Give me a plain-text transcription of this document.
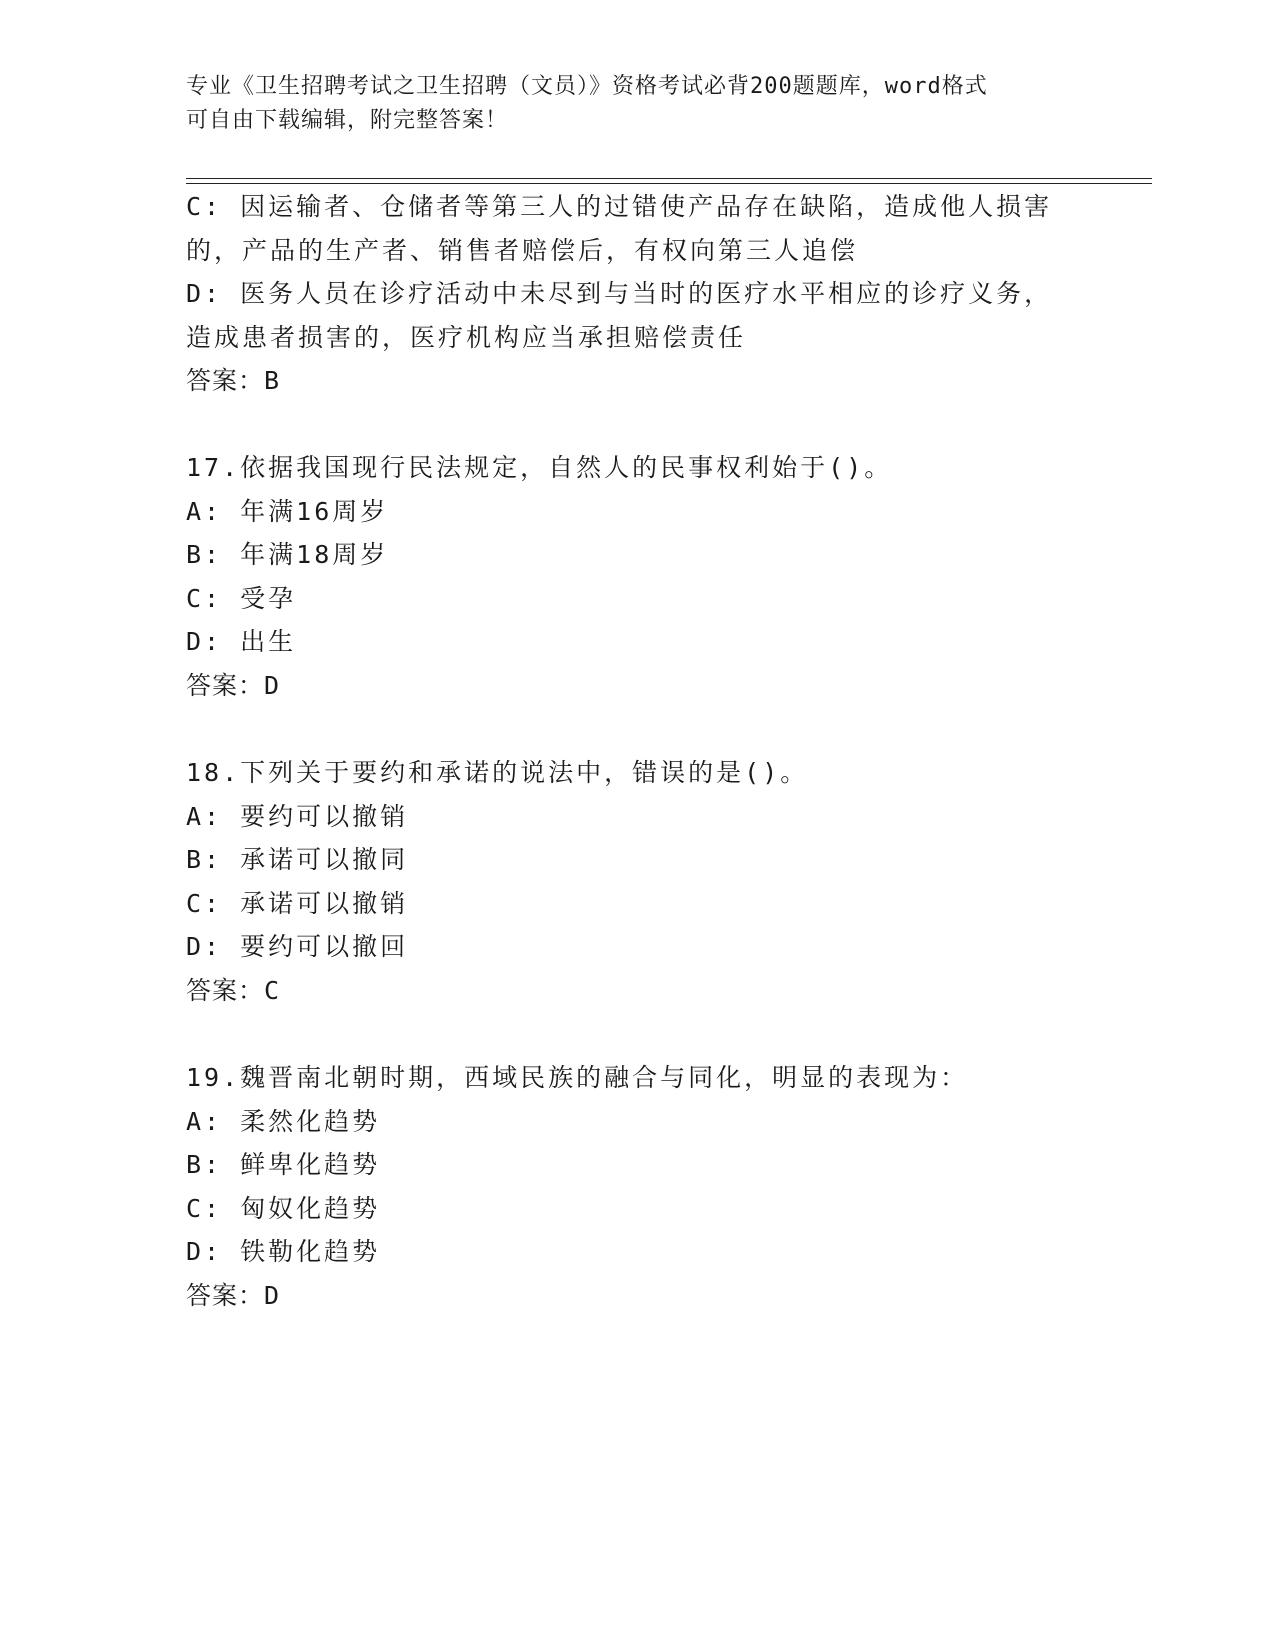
专业《卫生招聘考试之卫生招聘（文员）》资格考试必背200题题库，word格式
可自由下载编辑，附完整答案！
C: 因运输者、仓储者等第三人的过错使产品存在缺陷，造成他人损害
的，产品的生产者、销售者赔偿后，有权向第三人追偿
D: 医务人员在诊疗活动中未尽到与当时的医疗水平相应的诊疗义务，
造成患者损害的，医疗机构应当承担赔偿责任
答案：B
17.依据我国现行民法规定，自然人的民事权利始于()。
A: 年满16周岁
B: 年满18周岁
C: 受孕
D: 出生
答案：D
18.下列关于要约和承诺的说法中，错误的是()。
A: 要约可以撤销
B: 承诺可以撤同
C: 承诺可以撤销
D: 要约可以撤回
答案：C
19.魏晋南北朝时期，西域民族的融合与同化，明显的表现为：
A: 柔然化趋势
B: 鲜卑化趋势
C: 匈奴化趋势
D: 铁勒化趋势
答案：D
